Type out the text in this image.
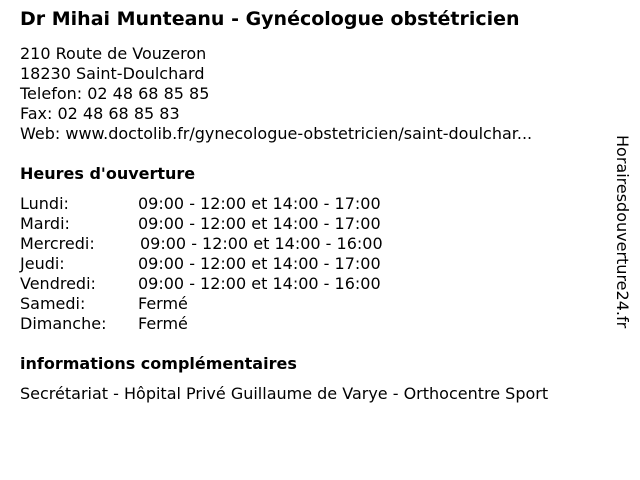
Dr Mihai Munteanu - Gynécologue obstétricien
210 Route de Vouzeron
18230 Saint-Doulchard
Telefon: 02 48 68 85 85
Fax: 02 48 68 85 83
Web: www.doctolib.fr/gynecologue-obstetricien/saint-doulchar...
Heures d'ouverture
Lundi:	09:00 - 12:00 et 14:00 - 17:00
Mardi:	09:00 - 12:00 et 14:00 - 17:00
Mercredi:	09:00 - 12:00 et 14:00 - 16:00
Jeudi:	09:00 - 12:00 et 14:00 - 17:00
Vendredi:	09:00 - 12:00 et 14:00 - 16:00
Samedi:	Fermé
Dimanche: Fermé
informations complémentaires
Secrétariat - Hôpital Privé Guillaume de Varye - Orthocentre Sport
Horairesdouverture24.fr
